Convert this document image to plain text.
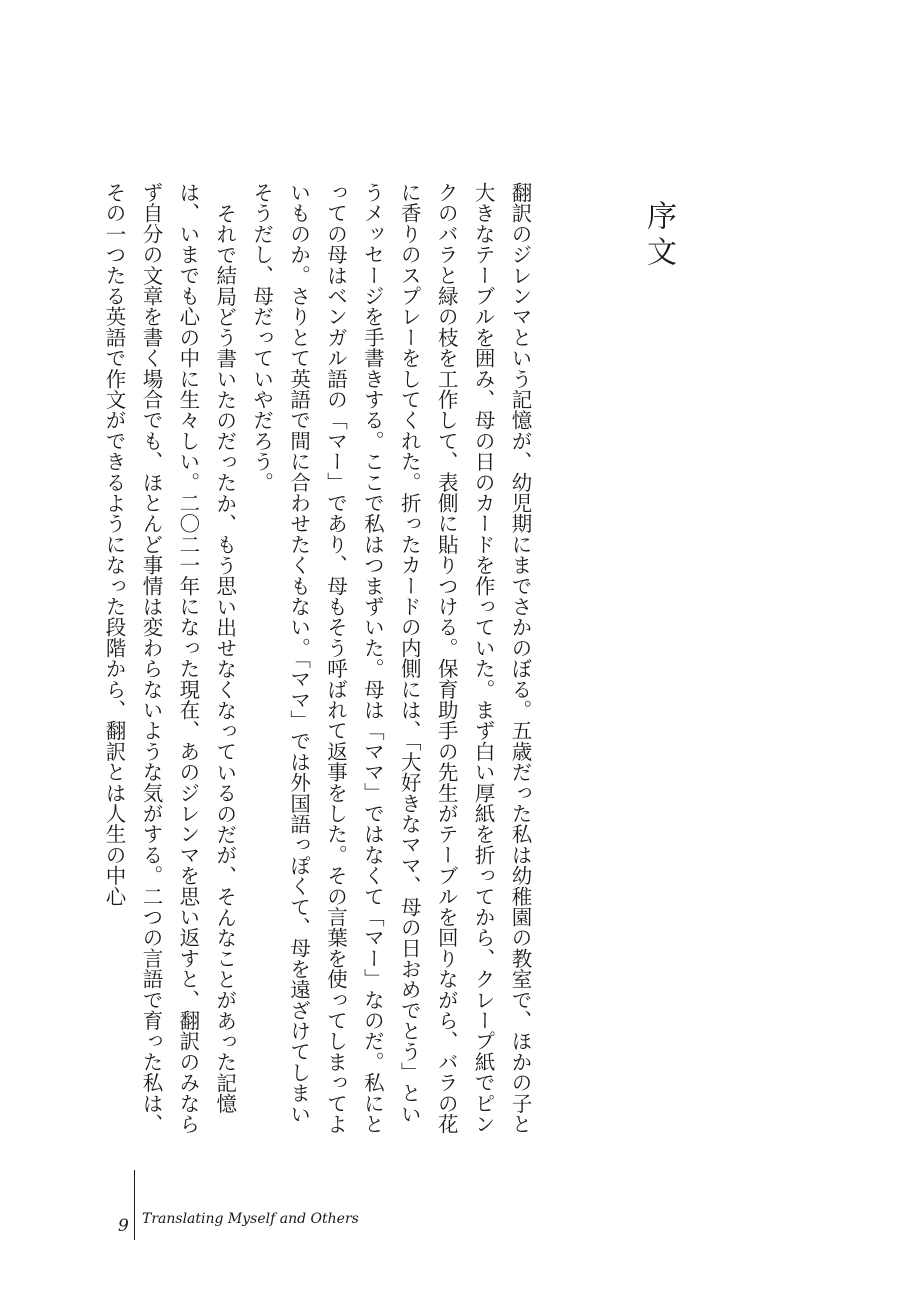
序文

翻訳のジレンマという記憶が、幼児期にまでさかのぼる。五歳だった私は幼稚園の教室で、ほかの子と大きなテーブルを囲み、母の日のカードを作っていた。まず白い厚紙を折ってから、クレープ紙でピンクのバラと緑の枝を工作して、表側に貼りつける。保育助手の先生がテーブルを回りながら、バラの花に香りのスプレーをしてくれた。折ったカードの内側には、「大好きなママ、母の日おめでとう」というメッセージを手書きする。ここで私はつまずいた。母は「ママ」ではなくて「マー」なのだ。私にとっての母はベンガル語の「マー」であり、母もそう呼ばれて返事をした。その言葉を使ってしまってよいものか。さりとて英語で間に合わせたくもない。「ママ」では外国語っぽくて、母を遠ざけてしまいそうだし、母だっていやだろう。

それで結局どう書いたのだったか、もう思い出せなくなっているのだが、そんなことがあった記憶は、いまでも心の中に生々しい。二〇二一年になった現在、あのジレンマを思い返すと、翻訳のみならず自分の文章を書く場合でも、ほとんど事情は変わらないような気がする。二つの言語で育った私は、その一つたる英語で作文ができるようになった段階から、翻訳とは人生の中心

9 Translating Myself and Others
